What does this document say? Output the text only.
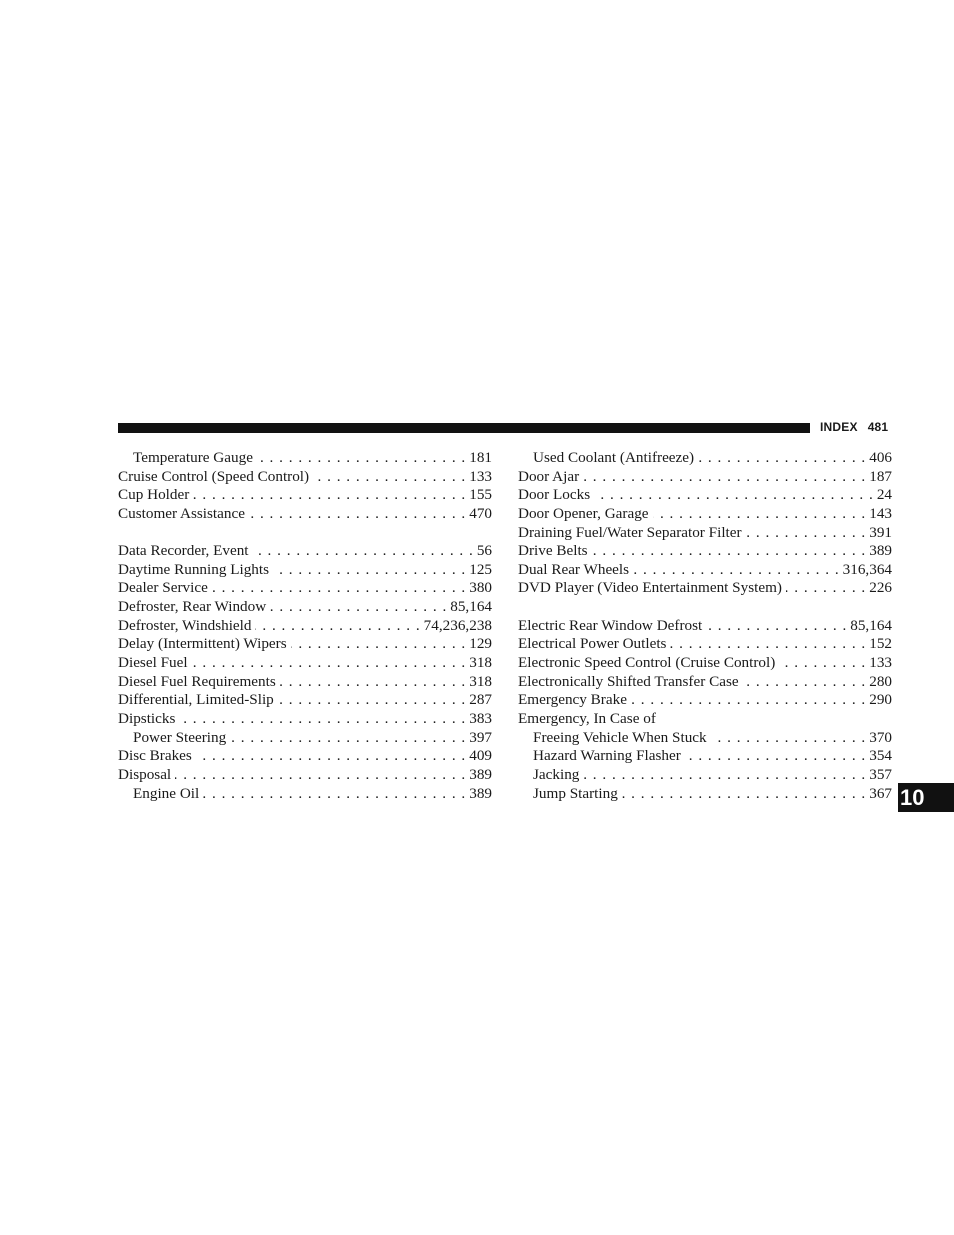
INDEX 481
Temperature Gauge . . .	181
Cruise Control (Speed Control) . . .	133
Cup Holder . . .	155
Customer Assistance . . .	470
Data Recorder, Event . . .	56
Daytime Running Lights . . .	125
Dealer Service . . .	380
Defroster, Rear Window . . .	85,164
Defroster, Windshield . . .	74,236,238
Delay (Intermittent) Wipers . . .	129
Diesel Fuel . . .	318
Diesel Fuel Requirements . . .	318
Differential, Limited-Slip . . .	287
Dipsticks . . .	383
Power Steering . . .	397
Disc Brakes . . .	409
Disposal . . .	389
Engine Oil . . .	389
Used Coolant (Antifreeze) . . .	406
Door Ajar . . .	187
Door Locks . . .	24
Door Opener, Garage . . .	143
Draining Fuel/Water Separator Filter . . .	391
Drive Belts . . .	389
Dual Rear Wheels . . .	316,364
DVD Player (Video Entertainment System) . . .	226
Electric Rear Window Defrost . . .	85,164
Electrical Power Outlets . . .	152
Electronic Speed Control (Cruise Control) . . .	133
Electronically Shifted Transfer Case . . .	280
Emergency Brake . . .	290
Emergency, In Case of
Freeing Vehicle When Stuck . . .	370
Hazard Warning Flasher . . .	354
Jacking . . .	357
Jump Starting . . .	367 10
